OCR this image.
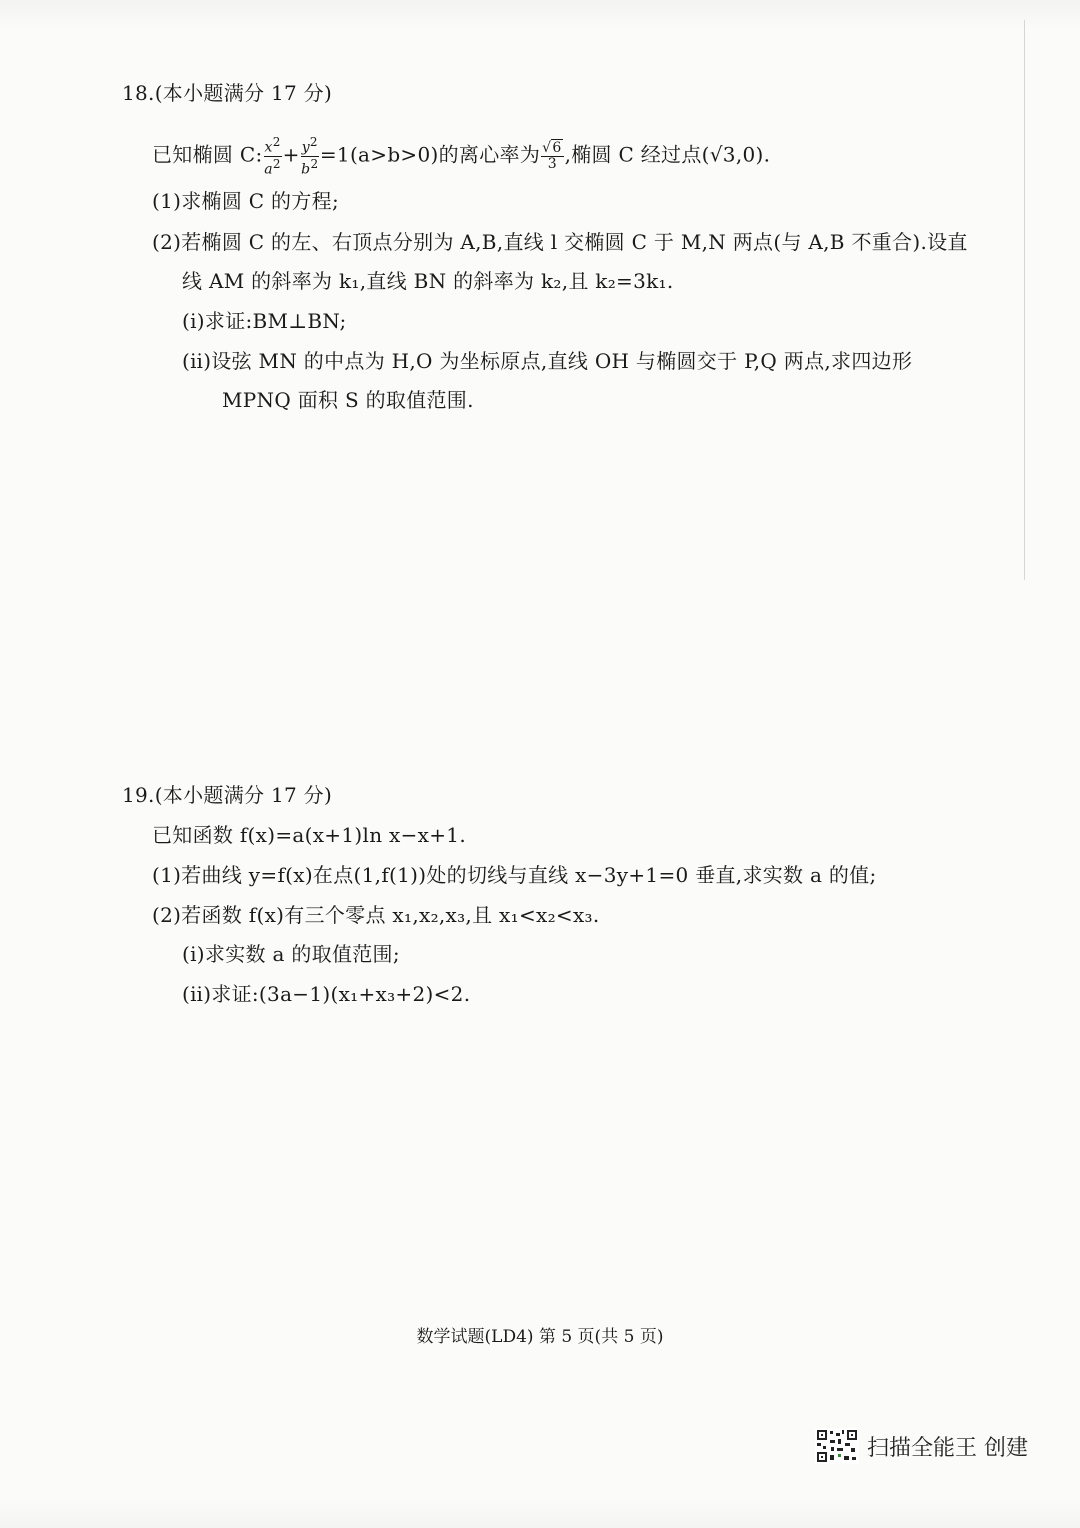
18.(本小题满分 17 分)
已知椭圆 C: $\frac{x^2}{a^2} + \frac{y^2}{b^2} =1(a>b>0)$的离心率为 $\frac{√6}{3}$ ,椭圆 C 经过点(√3,0).
(1)求椭圆 C 的方程;
(2)若椭圆 C 的左、右顶点分别为 A,B,直线 l 交椭圆 C 于 M,N 两点(与 A,B 不重合).设直
线 AM 的斜率为 k₁,直线 BN 的斜率为 k₂,且 k₂=3k₁.
(ⅰ)求证:BM⊥BN;
(ⅱ)设弦 MN 的中点为 H,O 为坐标原点,直线 OH 与椭圆交于 P,Q 两点,求四边形
MPNQ 面积 S 的取值范围.
19.(本小题满分 17 分)
已知函数 f(x)=a(x+1)ln x−x+1.
(1)若曲线 y=f(x)在点(1,f(1))处的切线与直线 x−3y+1=0 垂直,求实数 a 的值;
(2)若函数 f(x)有三个零点 x₁,x₂,x₃,且 x₁<x₂<x₃.
(ⅰ)求实数 a 的取值范围;
(ⅱ)求证:(3a−1)(x₁+x₃+2)<2.
数学试题(LD4) 第 5 页(共 5 页)
扫描全能王 创建
